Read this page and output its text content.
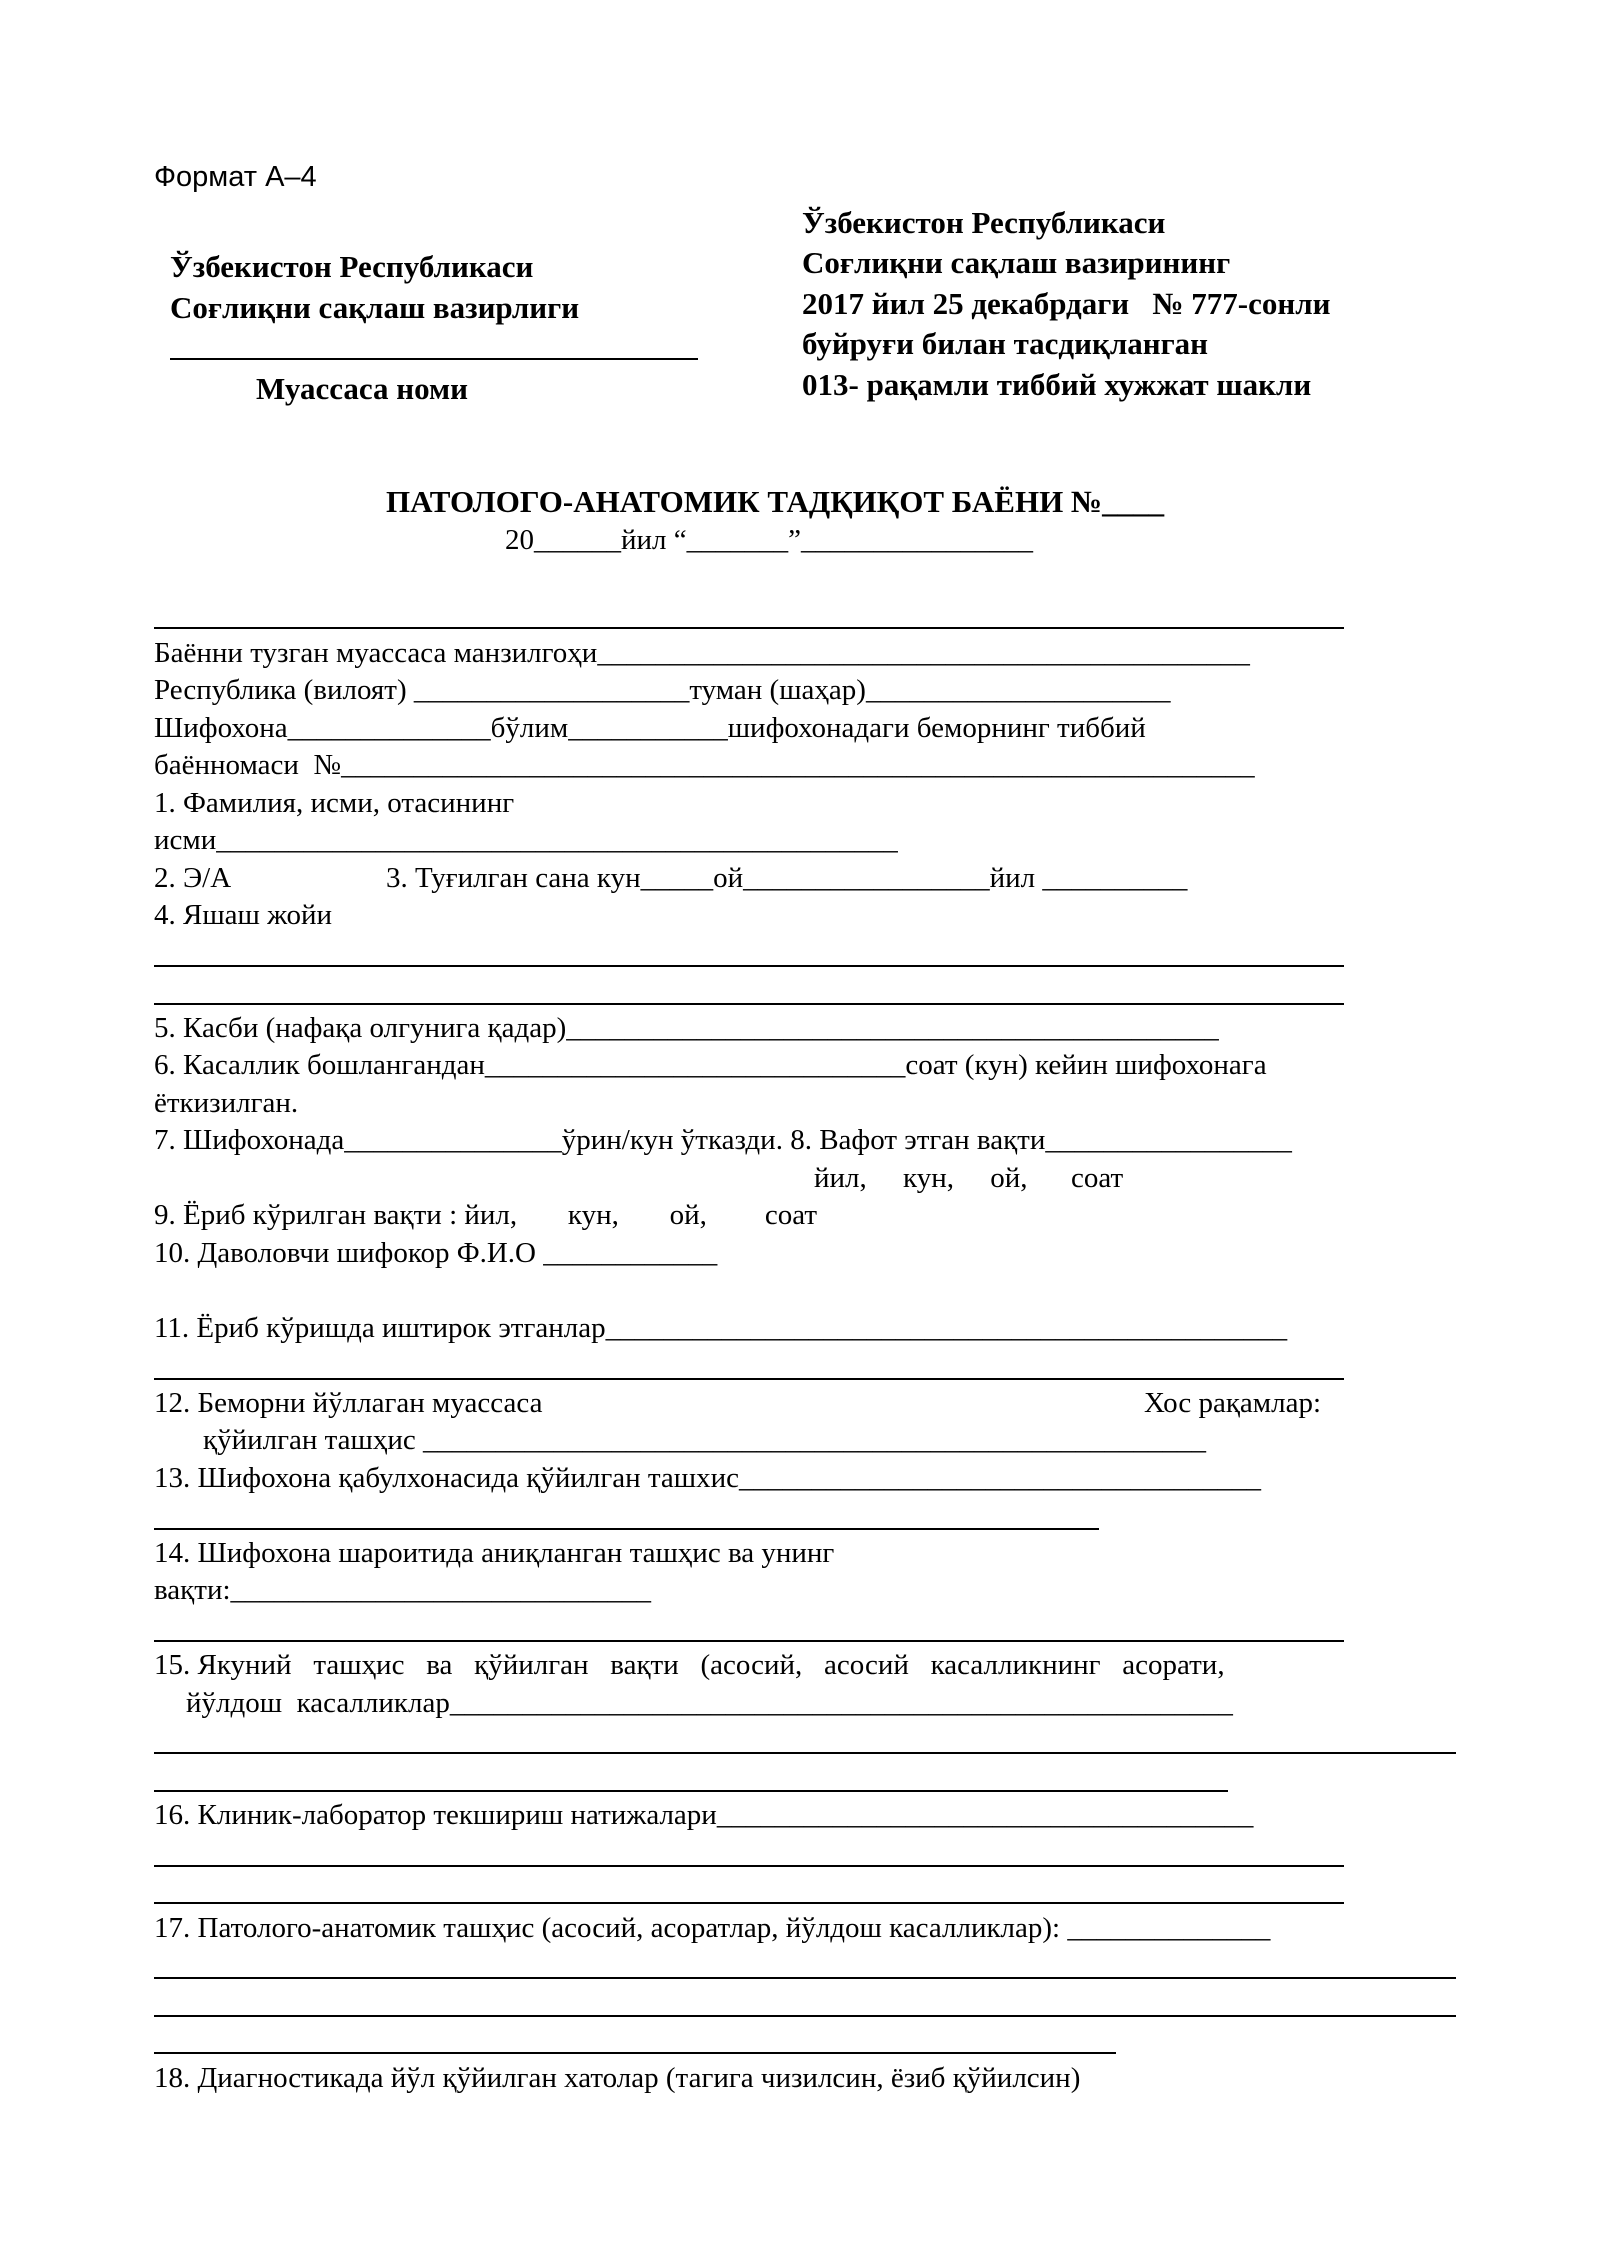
Формат А–4
Ўзбекистон Республикаси
Соғлиқни сақлаш вазирлиги
Муассаса номи
Ўзбекистон Республикаси
Соғлиқни сақлаш вазирининг
2017 йил 25 декабрдаги   № 777-сонли
буйруғи билан тасдиқланган
013- рақамли тиббий хужжат шакли
ПАТОЛОГО-АНАТОМИК ТАДҚИҚОТ БАЁНИ №____
20______йил “_______”________________
Баённи тузган муассаса манзилгоҳи_____________________________________________
Республика (вилоят) ___________________туман (шаҳар)_____________________
Шифохона______________бўлим___________шифохонадаги беморнинг тиббий
баённомаси  №_______________________________________________________________
1. Фамилия, исми, отасининг
исми_______________________________________________
2. Э/А	3. Туғилган сана кун_____ой_________________йил __________
4. Яшаш жойи
5. Касби (нафақа олгунига қадар)_____________________________________________
6. Касаллик бошлангандан_____________________________соат (кун) кейин шифохонага
ёткизилган.
7. Шифохонада_______________ўрин/кун ўтказди. 8. Вафот этган вақти_________________
йил,     кун,     ой,      соат
9. Ёриб кўрилган вақти : йил,       кун,       ой,        соат
10. Даволовчи шифокор Ф.И.О ____________
11. Ёриб кўришда иштирок этганлар_______________________________________________
12. Беморни йўллаган муассаса	Хос рақамлар:
қўйилган ташҳис ______________________________________________________
13. Шифохона қабулхонасида қўйилган ташхис____________________________________
14. Шифохона шароитида аниқланган ташҳис ва унинг
вақти:_____________________________
15. Якуний   ташҳис   ва   қўйилган   вақти   (асосий,   асосий   касалликнинг   асорати,
йўлдош  касалликлар______________________________________________________
16. Клиник-лаборатор текшириш натижалари_____________________________________
17. Патолого-анатомик ташҳис (асосий, асоратлар, йўлдош касалликлар): ______________
18. Диагностикада йўл қўйилган хатолар (тагига чизилсин, ёзиб қўйилсин)
